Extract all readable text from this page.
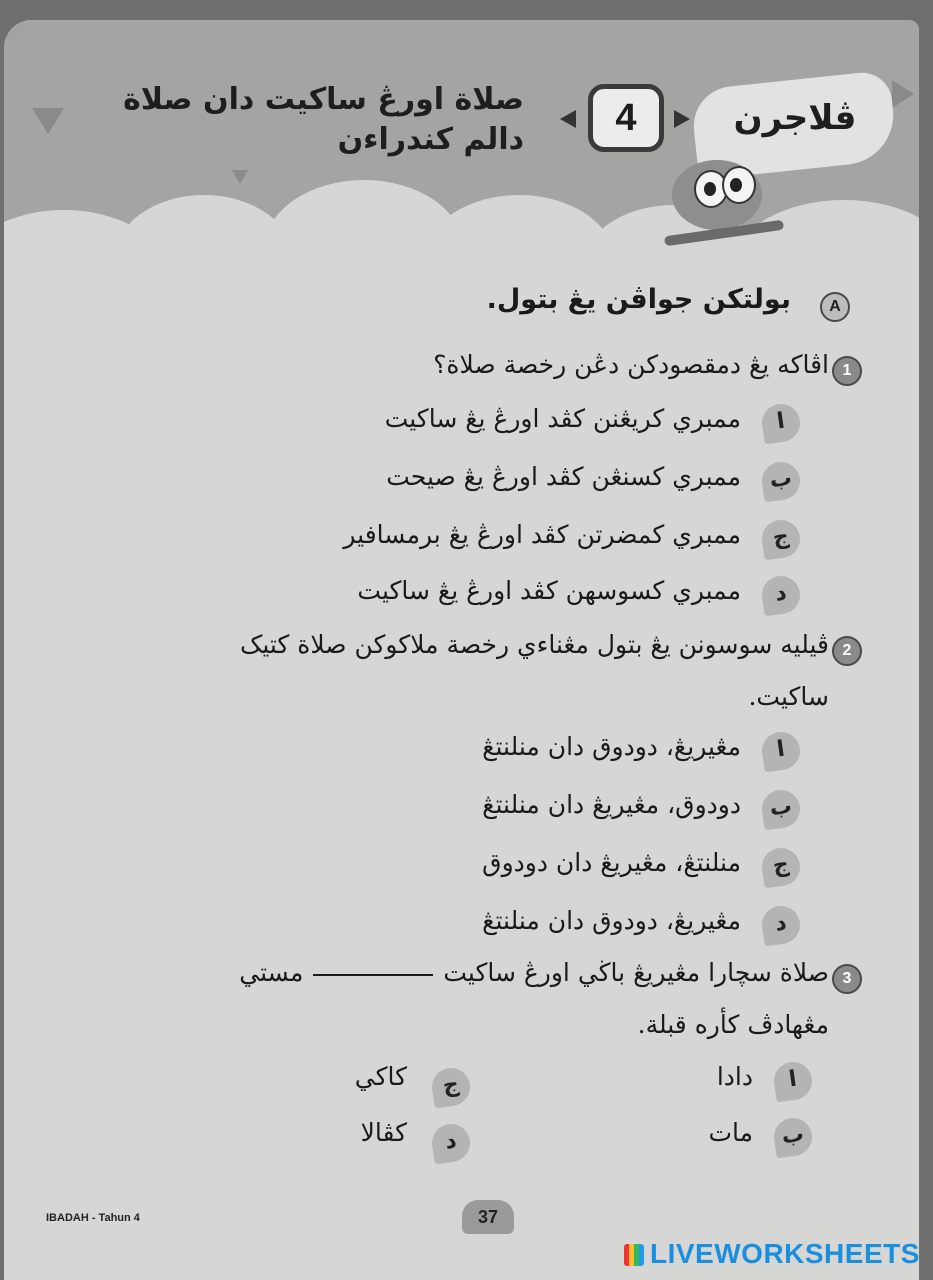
ڤلاجرن
4
صلاة اورڠ ساكيت دان صلاة
دالم كندراءن
A
بولتكن جواڤن يڠ بتول.
1
اڤاكه يڠ دمقصودكن دڠن رخصة صلاة؟
ا
ممبري كريڠنن كڤد اورڠ يڠ ساكيت
ب
ممبري كسنڠن كڤد اورڠ يڠ صيحت
ج
ممبري كمضرتن كڤد اورڠ يڠ برمسافير
د
ممبري كسوسهن كڤد اورڠ يڠ ساكيت
2
ڤيليه سوسونن يڠ بتول مڠناءي رخصة ملاكوكن صلاة كتيک
ساكيت.
ا
مڠيريڠ، دودوق دان منلنتڠ
ب
دودوق، مڠيريڠ دان منلنتڠ
ج
منلنتڠ، مڠيريڠ دان دودوق
د
مڠيريڠ، دودوق دان منلنتڠ
3
صلاة سچارا مڠيريڠ باڬي اورڠ ساكيتمستي
مڠهادڤ كأره قبلة.
ا
دادا
ب
مات
ج
كاكي
د
كڤالا
IBADAH - Tahun 4	37
LIVEWORKSHEETS
